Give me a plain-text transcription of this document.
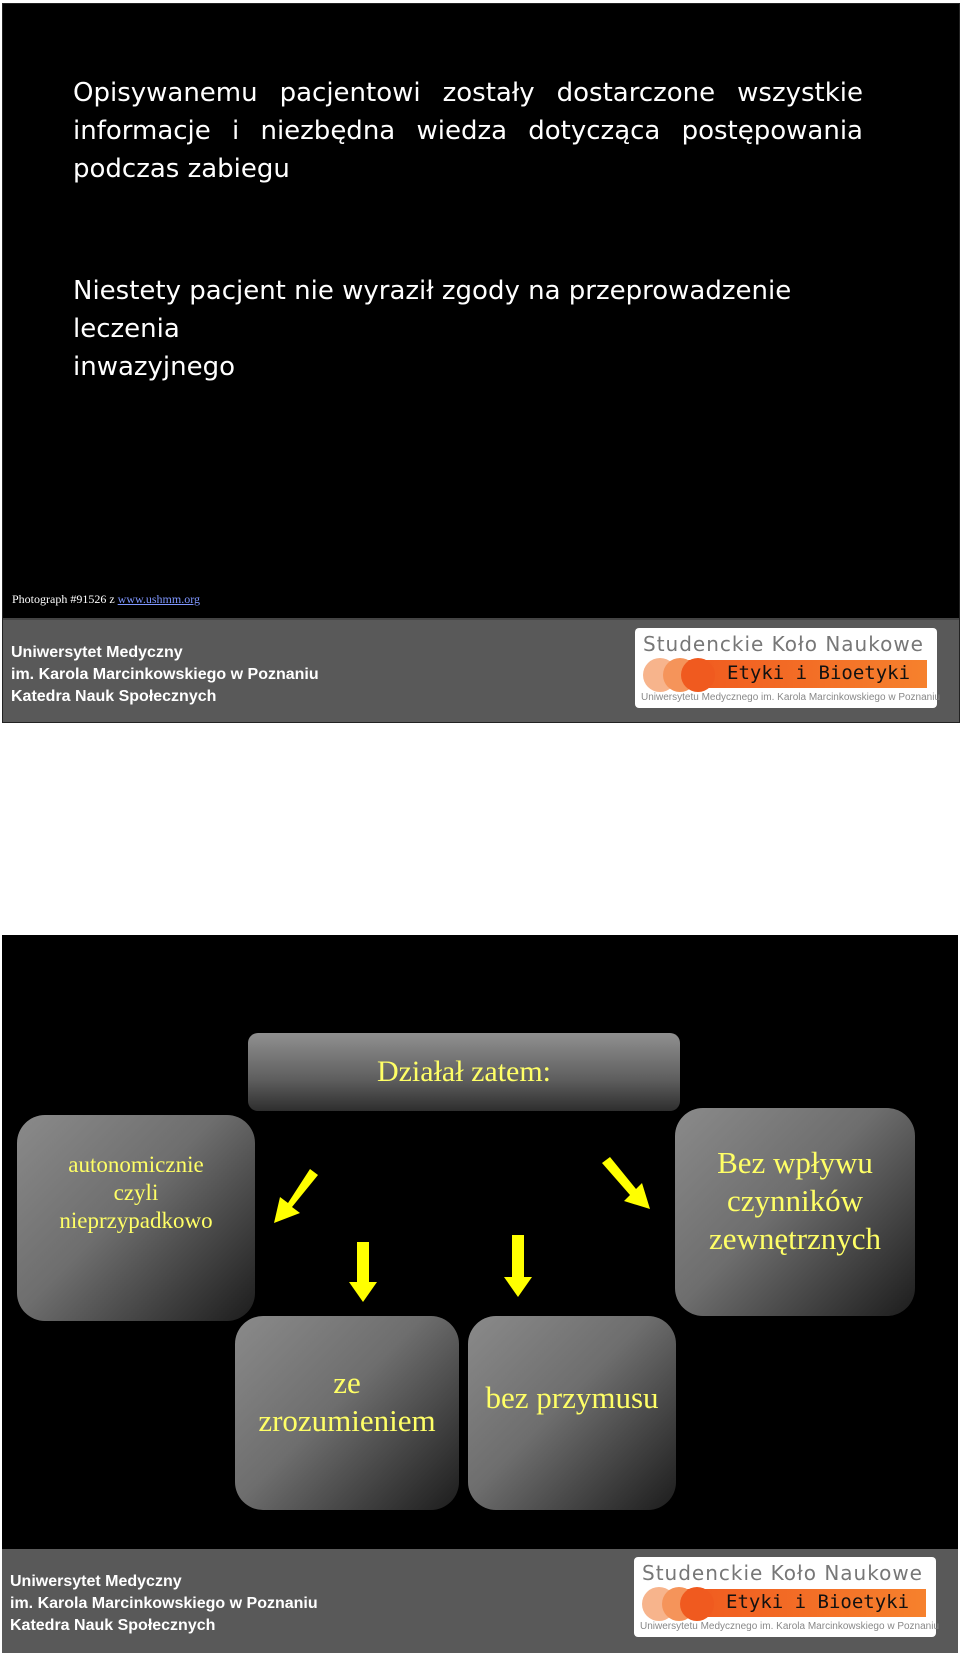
Opisywanemu pacjentowi zostały dostarczone wszystkie
informacje i niezbędna wiedza dotycząca postępowania
podczas zabiegu
Niestety pacjent nie wyraził zgody na przeprowadzenie leczenia
inwazyjnego
Photograph #91526 z www.ushmm.org
Uniwersytet Medyczny
im. Karola Marcinkowskiego w Poznaniu
Katedra Nauk Społecznych
Studenckie Koło Naukowe
Etyki i Bioetyki
Uniwersytetu Medycznego im. Karola Marcinkowskiego w Poznaniu
Działał zatem:
autonomicznie
czyli
nieprzypadkowo
Bez wpływu
czynników
zewnętrznych
ze
zrozumieniem
bez przymusu
Uniwersytet Medyczny
im. Karola Marcinkowskiego w Poznaniu
Katedra Nauk Społecznych
Studenckie Koło Naukowe
Etyki i Bioetyki
Uniwersytetu Medycznego im. Karola Marcinkowskiego w Poznaniu
